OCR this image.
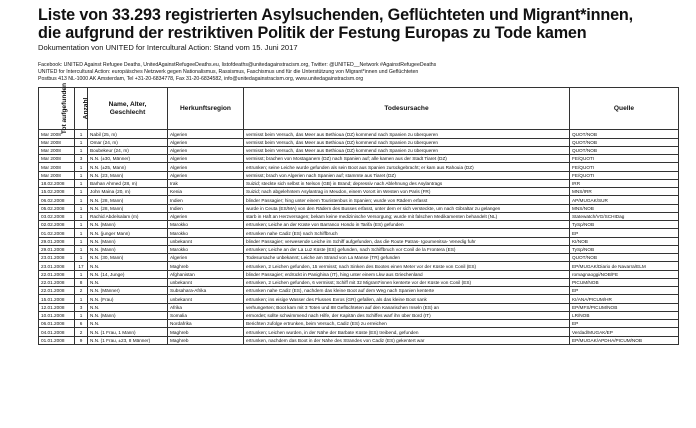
Liste von 33.293 registrierten Asylsuchenden, Geflüchteten und Migrant*innen,
die aufgrund der restriktiven Politik der Festung Europas zu Tode kamen
Dokumentation von UNITED for Intercultural Action: Stand vom 15. Juni 2017
Facebook: UNITED Against Refugee Deaths, UnitedAgainstRefugeeDeaths.eu, listofdeaths@unitedagainstracism.org, Twitter: @UNITED__Network #AgainstRefugeeDeaths
UNITED for Intercultural Action: europäisches Netzwerk gegen Nationalismus, Rassismus, Faschismus und für die Unterstützung von Migrant*innen und Geflüchteten
Postbus 413 NL-1000 AK Amsterdam, Tel +31-20-6834778, Fax 31-20-6834582, info@unitedagainstracism.org, www.unitedagainstracism.org
Tot aufgefunden	Anzahl	Name, Alter, Geschlecht	Herkunftsregion	Todesursache	Quelle
Mar 2008	1	Nabil (25, m)	Algerien	vermisst beim Versuch, das Meer aus Bethioua (DZ) kommend nach Spanien zu überqueren	QUOT/NOB
Mar 2008	1	Omar (24, m)	Algerien	vermisst beim Versuch, das Meer aus Bethioua (DZ) kommend nach Spanien zu überqueren	QUOT/NOB
Mar 2008	1	Boubekeur (24, m)	Algerien	vermisst beim Versuch, das Meer aus Bethioua (DZ) kommend nach Spanien zu überqueren	QUOT/NOB
Mar 2008	3	N.N. (±30, Männer)	Algerien	vermisst; brachen von Mostaganem (DZ) nach Spanien auf; alle kamen aus der Stadt Tiaret (DZ)	FE/QUOTI
Mar 2008	1	N.N. (±25, Mann)	Algerien	ertrunken; seine Leiche wurde gefunden als sein Boot aus Spanien zurückgebracht; er kam aus Rahouia (DZ)	FE/QUOTI
Mar 2008	1	N.N. (23, Mann)	Algerien	vermisst; brach von Algerien nach Spanien auf; stammte aus Tiaret (DZ)	FE/QUOTI
18.02.2008	1	Barhan Ahmed (28, m)	Irak	Suizid; steckte sich selbst in Nelson (GB) in Brand; depressiv nach Ablehnung des Asylantrags	IRR
15.02.2008	1	John Maina (20, m)	Kenia	Suizid; nach abgelehntem Asylantrag in Meudon, einem Vorort im Westen von Paris (FR)	MNS/IRR
06.02.2008	1	N.N. (28, Mann)	Indien	blinder Passagier; hing unter einem Touristenbus in Spanien; wurde von Rädern erfasst	AP/MUGAK/SUR
05.02.2008	1	N.N. (28, Mann)	Indien	wurde in Ceuta (ES/MA) von den Rädern des Busses erfasst, unter dem er sich versteckte, um nach Gibraltar zu gelangen	MNS/NOB
03.02.2008	1	Rachid Abdelsalam (m)	Algerien	starb in Haft an Herzversagen; bekam keine medizinische Versorgung; wurde mit falschen Medikamenten behandelt (NL)	Statewatch/VG/SCHIDag
02.02.2008	1	N.N. (Mann)	Marokko	ertrunken; Leiche an der Küste von Barranco Hondo in Tarifa (ES) gefunden	TySp/NOB
01.02.2008	1	N.N. (junger Mann)	Marokko	ertrunken nahe Cadiz (ES) nach Schiffbruch	EP
29.01.2008	1	N.N. (Mann)	unbekannt	blinder Passagier; verwesende Leiche im Schiff aufgefunden, das die Route Patras- Igoumenitsa- Venedig fuhr	KI/NOB
29.01.2008	1	N.N. (Mann)	Marokko	ertrunken; Leiche an der La Luz Küste (ES) gefunden, nach Schiffbruch vor Conil de la Frontera (ES)	TySp/NOB
23.01.2008	1	N.N. (30, Mann)	Algerien	Todesursache unbekannt; Leiche am Strand von La Manse (TR) gefunden	QUOT/NOB
23.01.2008	17	N.N.	Maghreb	ertrunken, 2 Leichen gefunden, 15 vermisst; nach Sinken des Bootes einen Meter vor der Küste von Conil (ES)	EP/MUGAK/Diario de Navarra/ELM
22.01.2008	1	N.N. (14, Junge)	Afghanistan	blinder Passagier; erdrückt in Panighina (IT), hing unter einem Lkw aus Griechenland	romagnaoggi/NOB/FE
22.01.2008	8	N.N.	unbekannt	ertrunken, 2 Leichen gefunden, 6 vermisst; Schiff mit 32 Migrant*innen kenterte vor der Küste von Conil (ES)	PICUM/NOB
22.01.2008	2	N.N. (Männer)	Subsahara-Afrika	ertrunken nahe Cadiz (ES), nachdem das kleine Boot auf dem Weg nach Spanien kenterte	EP
15.01.2008	1	N.N. (Frau)	unbekannt	ertrunken; ins eisige Wasser des Flusses Evros (GR) gefallen, als das kleine Boot sank	KI/ANA/PICUM/HR
12.01.2008	3	N.N.	Afrika	verhungerten; Boot kam mit 3 Toten und 88 Geflüchteten auf den Kanarischen Inseln (ES) an	EP/MFS/PICUM/NOB
10.01.2008	1	N.N. (Mann)	Somalia	ermordet; sollte schwimmend nach Hilfe, der Kapitän des Schiffes warf ihn über Bord (IT)	LR/NOB
06.01.2008	6	N.N.	Nordafrika	Berichten zufolge ertrunken, beim Versuch, Cadiz (ES) zu erreichen	EP
04.01.2008	2	N.N. (1 Frau, 1 Mann)	Maghreb	ertrunken; Leichen wurden, in der Nähe der Barbate Küste (ES) treibend, gefunden	Verdad/MUGAK/EP
01.01.2008	9	N.N. (1 Frau, ±23, 8 Männer)	Maghreb	ertrunken, nachdem das Boot in der Nähe des Strandes von Cadiz (ES) gekentert war	EP/MUGAK/APDHA/PICUM/NOB
